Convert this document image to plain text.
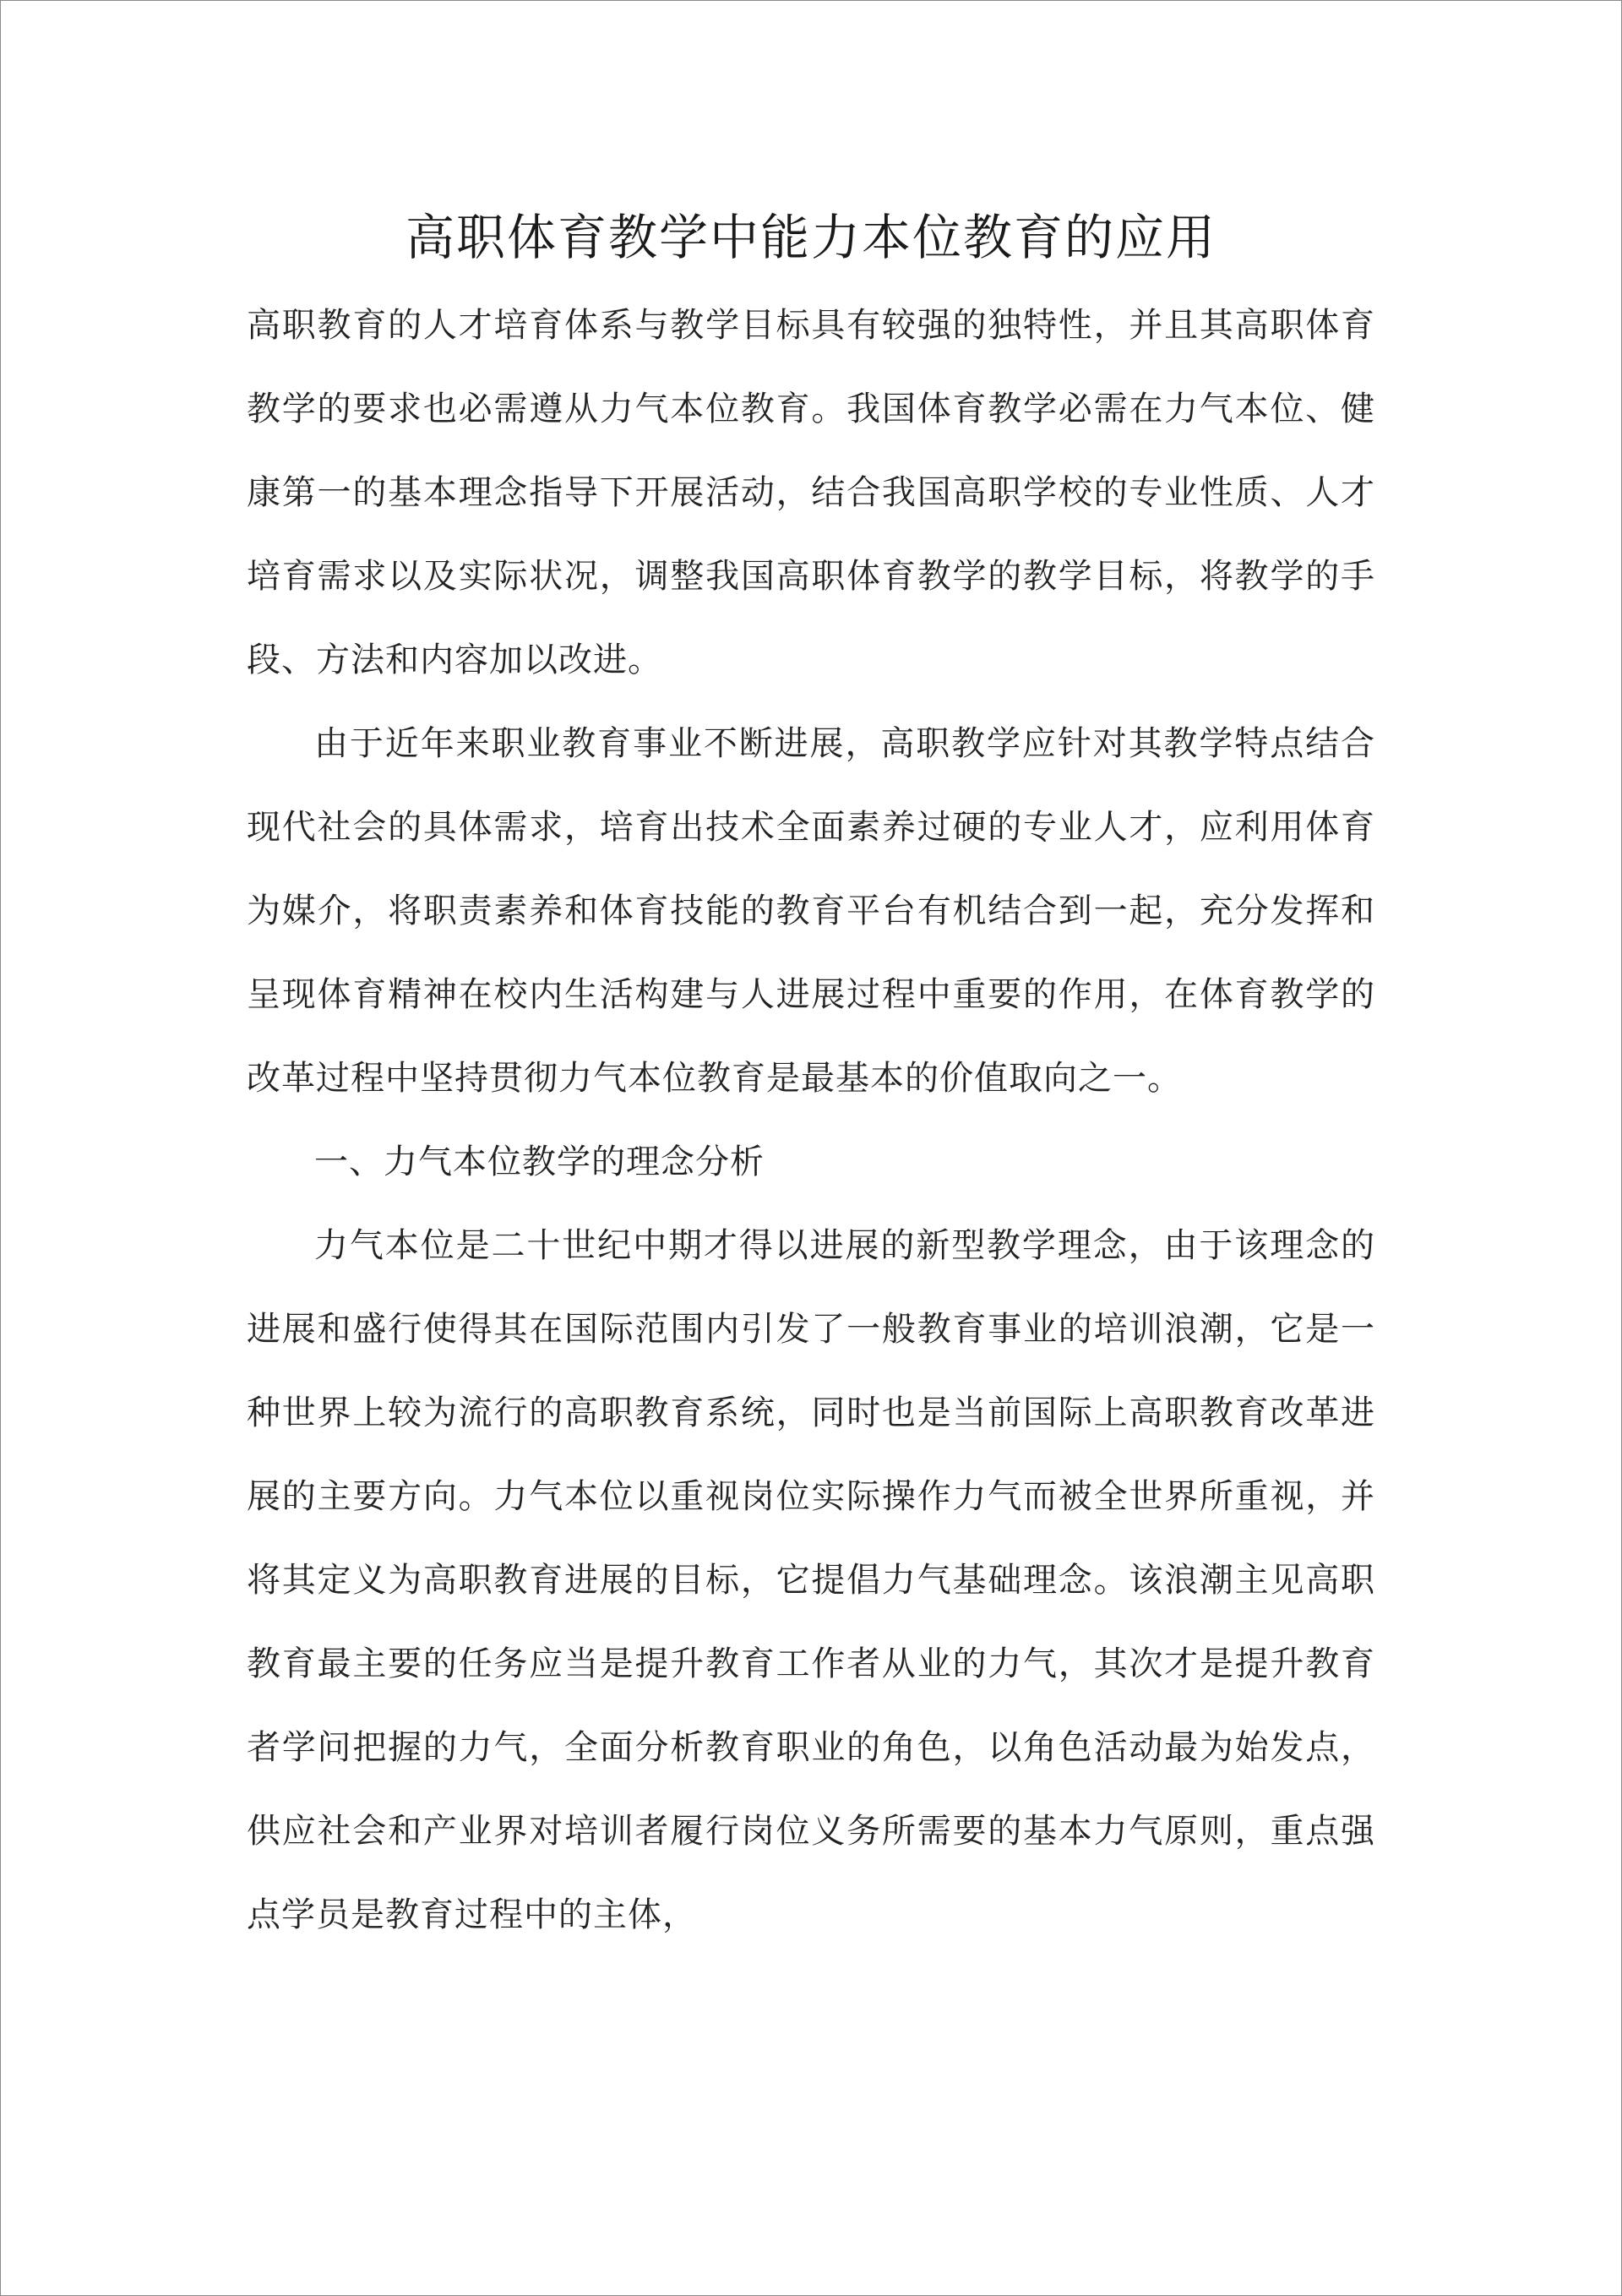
高职体育教学中能力本位教育的应用

高职教育的人才培育体系与教学目标具有较强的独特性，并且其高职体育教学的要求也必需遵从力气本位教育。我国体育教学必需在力气本位、健康第一的基本理念指导下开展活动，结合我国高职学校的专业性质、人才培育需求以及实际状况，调整我国高职体育教学的教学目标，将教学的手段、方法和内容加以改进。

由于近年来职业教育事业不断进展，高职教学应针对其教学特点结合现代社会的具体需求，培育出技术全面素养过硬的专业人才，应利用体育为媒介，将职责素养和体育技能的教育平台有机结合到一起，充分发挥和呈现体育精神在校内生活构建与人进展过程中重要的作用，在体育教学的改革过程中坚持贯彻力气本位教育是最基本的价值取向之一。

一、力气本位教学的理念分析

力气本位是二十世纪中期才得以进展的新型教学理念，由于该理念的进展和盛行使得其在国际范围内引发了一般教育事业的培训浪潮，它是一种世界上较为流行的高职教育系统，同时也是当前国际上高职教育改革进展的主要方向。力气本位以重视岗位实际操作力气而被全世界所重视，并将其定义为高职教育进展的目标，它提倡力气基础理念。该浪潮主见高职教育最主要的任务应当是提升教育工作者从业的力气，其次才是提升教育者学问把握的力气，全面分析教育职业的角色，以角色活动最为始发点，供应社会和产业界对培训者履行岗位义务所需要的基本力气原则，重点强点学员是教育过程中的主体，
